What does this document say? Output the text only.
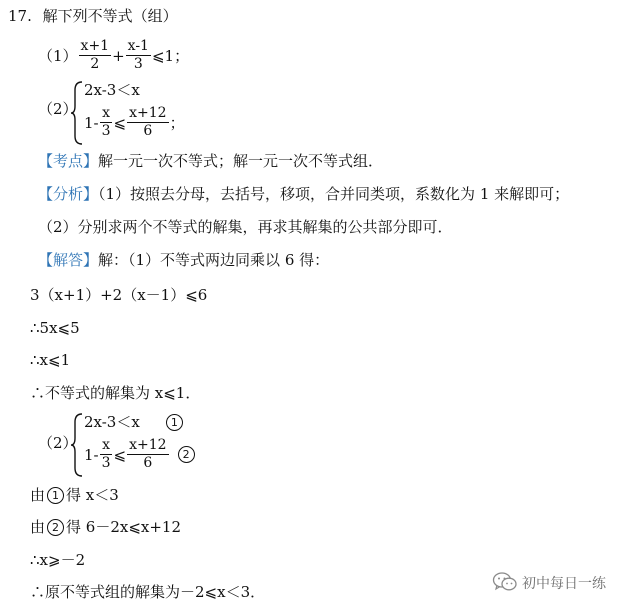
17. 解下列不等式（组）
$(1) \frac{x+1}{2} + \frac{x-1}{3}$ ⩽1；
（2）
2x-3＜x
$1- \frac{x}{3}$ ⩽ $\frac{x+12}{6}$ ；
【考点】解一元一次不等式；解一元一次不等式组．
【分析】（1）按照去分母，去括号，移项，合并同类项，系数化为 1 来解即可；
（2）分别求两个不等式的解集，再求其解集的公共部分即可．
【解答】解：（1）不等式两边同乘以 6 得：
3（x+1）+2（x－1）⩽6
∴5x⩽5
∴x⩽1
∴不等式的解集为 x⩽1．
（2）
2x-3＜x	1
$1- \frac{x}{3}$ ⩽ $\frac{x+12}{6}$	2
由 1 得 x＜3
由 2 得 6－2x⩽x+12
∴x⩾－2
∴原不等式组的解集为－2⩽x＜3．	初中每日一练
